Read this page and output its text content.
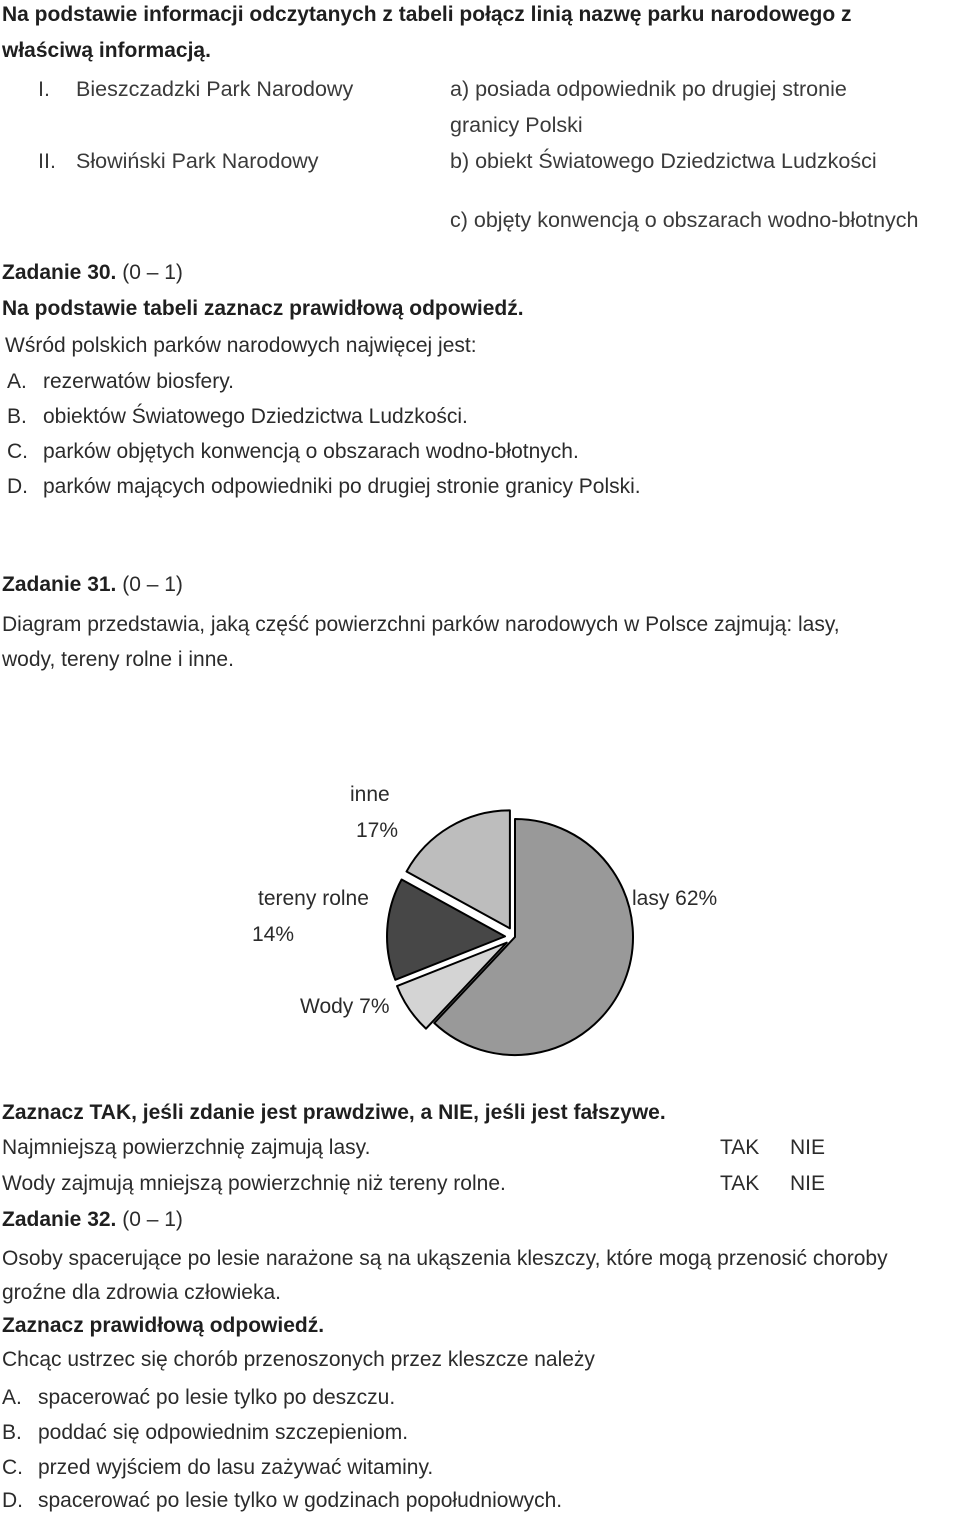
Na podstawie informacji odczytanych z tabeli połącz linią nazwę parku narodowego z
właściwą informacją.
I. Bieszczadzki Park Narodowy
II. Słowiński Park Narodowy
a) posiada odpowiednik po drugiej stronie
granicy Polski
b) obiekt Światowego Dziedzictwa Ludzkości
c) objęty konwencją o obszarach wodno-błotnych
Zadanie 30. (0 – 1)
Na podstawie tabeli zaznacz prawidłową odpowiedź.
Wśród polskich parków narodowych najwięcej jest:
A. rezerwatów biosfery.
B. obiektów Światowego Dziedzictwa Ludzkości.
C. parków objętych konwencją o obszarach wodno-błotnych.
D. parków mających odpowiedniki po drugiej stronie granicy Polski.
Zadanie 31. (0 – 1)
Diagram przedstawia, jaką część powierzchni parków narodowych w Polsce zajmują: lasy,
wody, tereny rolne i inne.
inne
17%
tereny rolne
14%
lasy 62%
Wody 7%
Zaznacz TAK, jeśli zdanie jest prawdziwe, a NIE, jeśli jest fałszywe.
Najmniejszą powierzchnię zajmują lasy.	TAK NIE
Wody zajmują mniejszą powierzchnię niż tereny rolne.	TAK NIE
Zadanie 32. (0 – 1)
Osoby spacerujące po lesie narażone są na ukąszenia kleszczy, które mogą przenosić choroby
groźne dla zdrowia człowieka.
Zaznacz prawidłową odpowiedź.
Chcąc ustrzec się chorób przenoszonych przez kleszcze należy
A. spacerować po lesie tylko po deszczu.
B. poddać się odpowiednim szczepieniom.
C. przed wyjściem do lasu zażywać witaminy.
D. spacerować po lesie tylko w godzinach popołudniowych.
